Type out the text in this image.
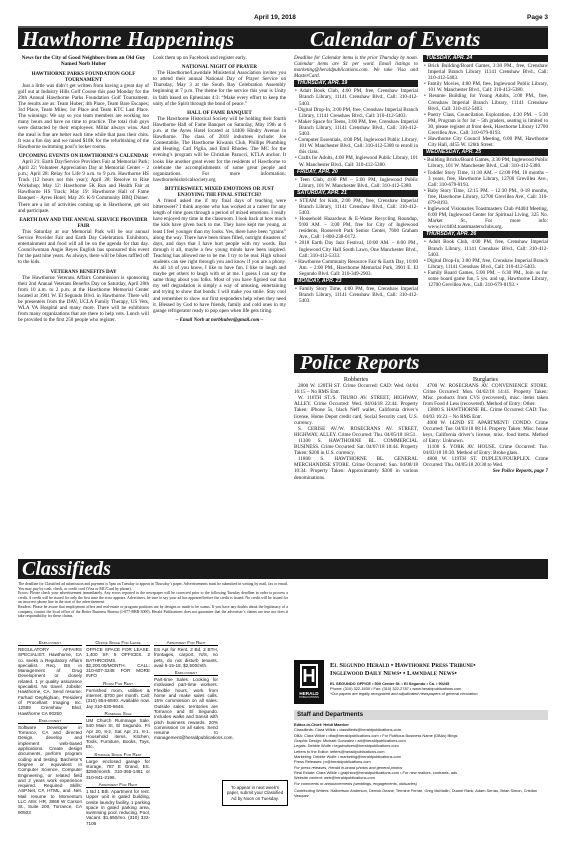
April 19, 2018	Page 3
Hawthorne Happenings	Calendar of Events

News for the City of Good Neighbors from an Old Guy Named Norb Huber

HAWTHORNE PARKS FOUNDATION GOLF TOURNAMENT

Just a little was didn’t get written from having a great day of golf out at Industry Hills Golf Course this past Monday for the 29th Annual Hawthorne Parks Foundation Golf Tournament. The results are as: Team Huber; 4th Place, Team Bare Escapes; 3rd Place, Team Miles; 1st Place and Team KTC Last Place. The winnings: We say so you team members are working too many hours and have no time to practice. The total club guys were distracted by their employees. Millar always wins. And the meal is fine are better each time while that pass their chits. It was a fun day and we raised $10K for the refurbishing of the Hawthorne swimming pool’s locker rooms.

UPCOMING EVENTS ON HAWTHORNE’S CALENDAR

April 21: Earth Day/Service Providers Fair at Memorial Park; April 22: Volunteer Appreciation Day at Memorial Center – 2 p.m.; April 28: Relay for Life 9 a.m. to 9 p.m. Hawthorne HS Track (12 hours not this year); April 28: Resolve to Rise Workshop; May 12: Hawthorne 5K Run and Health Fair at Hawthorne HS Track; May 19: Hawthorne Hall of Fame Banquet – Ayres Hotel; May 26: K-9 Community BBQ Dinner. There are a lot of activities coming up in Hawthorne, get out and participate.

EARTH DAY AND THE ANNUAL SERVICE PROVIDER FAIR

This Saturday at our Memorial Park will be our annual Service Provider Fair and Earth Day Celebration. Exhibitors, entertainment and food will all be on the agenda for that day. Councilwoman Angie Reyes English has sponsored this event for the past nine years. As always, there will be bikes raffled off to the kids.

VETERANS BENEFITS DAY

The Hawthorne Veterans Affairs Commission is sponsoring their 2nd Annual Veterans Benefits Day on Saturday, April 28th from 10 a.m. to 2 p.m. at the Hawthorne Memorial Center located at 3901 W. El Segundo Blvd. in Hawthorne. There will be presenters from the DAV, UCLA Family Therapy, US Vets, WLA VA Hospital and many more. There will be exhibitors from many organizations that are there to help vets. Lunch will be provided to the first 250 people who register.

Look them up on Facebook and register early.

NATIONAL NIGHT OF PRAYER

The Hawthorne/Lawndale Ministerial Association invites you to attend their annual National Day of Prayer Service on Thursday, May 3 at the South Bay Celebration Assembly beginning at 7 p.m. The theme for the service this year is Unity in faith based on Ephesians 4:3: “Make every effort to keep the unity of the Spirit through the bond of peace.”

HALL OF FAME BANQUET

The Hawthorne Historical Society will be holding their fourth Hawthorne Hall of Fame Banquet on Saturday, May 19th at 6 p.m. at the Ayres Hotel located at 14400 Hindry Avenue in Hawthorne. The class of 2018 inductees include: Joe Contestabile, The Hawthorne Kiwanis Club, Phillips Plumbing and Heating, Carl Piglia, and Emil Rhodes. The MC for the evening’s program will be Christian Pazucci, KTLA anchor. It looks like another great event for the residents of Hawthorne to celebrate the accomplishments of some great people and organizations. For more information: hawthornehistoricalsociety.org

BITTERSWEET, MIXED EMOTIONS OR JUST ENJOYING THE FINAL STRETCH?

A friend asked me if my final days of teaching were bittersweet? I think anyone who has worked at a career for any length of time goes through a period of mixed emotions. I really have enjoyed my time in the classroom. I look back at how much the kids have given back to me. They have kept me young, at least I feel younger than my looks. Yes, there have been “grains” along the way. There have been times filled, outright disasters of days, and days that I have hurt people with my words. But through it all, maybe a few young minds have been inspired. Teaching has allowed me to be me. I try to be real. High school students can see right through you and know if you are a phony. As all 14 of you know, I like to have fun. I like to laugh and maybe get others to laugh with or at me. I guess I can say the same thing about you folks. Most of you have figured out that my self degradation is simply a way of amusing, entertaining and trying to show that bonds. I will make you smile. Stay cool and remember to show our first responders help when they need it. Blessed by God to have friends, family and cold ones in my garage refrigerator ready to pop open when life gets tiring.

– Email Norb at norbhuber@gmail.com –

Deadline for Calendar items is the prior Thursday by noon. Calendar items are $1 per word. Email listings to marketing@heraldpublications.com. We take Visa and MasterCard.

THURSDAY, APR. 19

• Adult Book Club, 4:00 PM, free, Crenshaw Imperial Branch Library, 11141 Crenshaw Blvd., Call: 310-412-5403.

• Digital Drop-In, 3:00 PM, free, Crenshaw Imperial Branch Library, 11141 Crenshaw Blvd., Call: 310-412-5403.

• Maker Space for Teens, 3:00 PM, free, Crenshaw Imperial Branch Library, 11141 Crenshaw Blvd., Call: 310-412-5403.

• Computer Essentials, 4:00 PM, Inglewood Public Library, 101 W. Manchester Blvd., Call: 310-412-5380 to enroll in this class.

• Crafts for Adults, 4:00 PM, Inglewood Public Library, 101 W. Manchester Blvd., Call: 310-412-5380.

FRIDAY, APR. 20

• Teen Club, 4:00 PM – 5:00 PM, Inglewood Public Library, 101 W. Manchester Blvd., Call: 310-412-5380.

SATURDAY, APR. 21

• STEAM for Kids, 2:00 PM., free, Crenshaw Imperial Branch Library, 11141 Crenshaw Blvd., Call: 310-412-5403.

• Household Hazardous & E-Waste Recycling Roundup, 9:00 AM. – 3:00 PM, free for City of Inglewood residents, Roosevelt Park Senior Center, 7600 Graham Ave., Call: 1-800-238-0172.

• 2018 Earth Day Jazz Festival, 10:00 AM. – 6:00 PM., Inglewood City Hall South Lawn, One Manchester Blvd., Call: 310-412-5333.

• Hawthorne Community Resource Fair & Earth Day, 10:00 Am. – 2:00 PM., Hawthorne Memorial Park, 3901 E. El Segundo Blvd. Call: 310-349-2903.

MONDAY, APR. 23

• Family Story Time, 4:00 PM, free, Crenshaw Imperial Branch Library, 11141 Crenshaw Blvd., Call: 310-412-5403.

TUESDAY, APR. 24

• Brick Building/Board Games, 3:30 PM., free, Crenshaw Imperial Branch Library 11141 Crenshaw Blvd., Call: 310-412-5403.

• Family Movies, 4:00 PM, free, Inglewood Public Library, 101 W. Manchester Blvd., Call: 310-412-5380.

• Resume Building for Young Adults, 3:00 PM., free, Crenshaw Imperial Branch Library, 11141 Crenshaw Blvd., Call: 310-412-5403.

• Poetry Class, Councilation Exploration, 4:30 PM. – 5:30 PM, Program is for 1st – 5th graders, seating is limited to 30, please register at front desk, Hawthorne Library 12700 Grevillea Ave., Call: 310-679-8193.

• Hawthorne City Council Meeting, 6:00 PM, Hawthorne City Hall, 4455 W. 126th Street.

WEDNESDAY, APR. 25

• Building Bricks/Board Games, 3:30 PM, Inglewood Public Library, 101 W. Manchester Blvd., Call: 310-412-5380.

• Toddler Story Time, 11:30 AM. – 12:00 PM, 18 months – 3 years, free, Hawthorne Library, 12700 Grevillea Ave., Call: 310-679-8193.

• Baby Story Time, 12:15 PM. – 12:30 PM., 0-18 months, free, Hawthorne Library, 12700 Grevillea Ave., Call: 310-679-8193.

• Inglewood Visionaries Toastmasters Club #4404 Meeting, 6:00 PM, Inglewood Center for Spiritual Living, 325 No. Market St., For more info: www.ivc4404.toastmastersclubs.org.

THURSDAY, APR. 26

• Adult Book Club, 4:00 PM, free, Crenshaw Imperial Branch Library, 11141 Crenshaw Blvd., Call: 310-412-5403.

• Digital Drop-In, 3:00 PM, free, Crenshaw Imperial Branch Library, 11141 Crenshaw Blvd., Call: 310-412-5403.

• Family Board Games, 5:00 PM. – 6:30 PM., Join us for some board game fun, 5 yrs. and up, Hawthorne Library, 12700 Grevillea Ave., Call: 310-679-8193. •

Police Reports

Robberies

2800 W. 120TH ST. Crime Occurred: CAD: Wed. 04/04 16:15 – No RMS Entr.

W. 116TH ST./S. TRURO AV. STREET, HIGHWAY, ALLEY. Crime Occurred: Wed. 04/04/18 22:44. Property Taken: iPhone 5s, black Neff wallet, California driver’s license, Home Depot credit card, Social Security card, U.S. currency.

S. CERISE AV./W. ROSECRANS AV. STREET, HIGHWAY, ALLEY. Crime Occurred: Thu. 04/05/18 18:51.

11300 S. HAWTHORNE BL. COMMERCIAL BUSINESS. Crime Occurred: Sat. 04/07/18 18:44. Property Taken: $200 in U.S. currency.

11800 S. HAWTHORNE BL. GENERAL MERCHANDISE STORE. Crime Occurred: Sun. 04/08/18 10:34. Property Taken: Approximately $300 in various denominations.

Burglaries

4700 W. ROSECRANS AV. CONVENIENCE STORE. Crime Occurred: Mon. 04/02/18 14:41. Property Taken: Misc. products from CVS (recovered), misc. items taken from Food 4 Less (recovered). Method of Entry: Other.

13800 S. HAWTHORNE BL. Crime Occurred: CAD: Tue. 04/03 16:23 – No RMS Entr.

4000 W. 142ND ST. APARTMENT/ CONDO. Crime Occurred: Tue. 04/03/18 08:14. Property Taken: Misc. house keys, California driver’s license, misc. food items. Method of Entry: Unknown.

11100 S. YORK AV. HOUSE. Crime Occurred: Tue. 04/03/18 18:30. Method of Entry: Broke glass.

4800 W. 119TH ST. DUPLEX/FOURPLEX. Crime Occurred: Thu. 04/05/18 20:30 to Wed.

See Police Reports, page 7

Classifieds

The deadline for Classified ad submission and payment is 5pm on Tuesday to appear in Thursday’s paper. Advertisements must be submitted in writing by mail, fax or email. You may pay by cash, check, or credit card (Visa or MC/Card by phone).

Errors: Please check your advertisement immediately. Any errors reported to the newspaper will be corrected prior to the following Tuesday deadline in order to process a credit. A credit will be issued for only the first time the error appears. Advertisers, be sure to say your ad has appeared before the credit is issued. No credit will be issued for an incorrect phone line in the start of the advertisement.

Readers: Please be aware that employment offers and real-estate or program positions are by designs or made to be scams. If you have any doubts about the legitimacy of a company, contact the local office of the Better Business Bureau (1-877-BBB-3000). Herald Publications does not guarantee that the advertiser’s claims are true nor does it take responsibility for these claims.

Employment

REGULATORY AFFAIRS SPECIALIST. Hawthorne, CA co. seeks a Regulatory Affairs specialist. Req. BS in Management of Drug Development or closely related. 1 yr quality assurance specialist. No travel. Jobsite: Hawthorne, CA. Send resume: Farhad Deghighian, President of Procellant Imaging Inc. 12589 Crenshaw Blvd, Hawthorne CA 90250

Employment

Software Developer in Torrance, CA and directed Design, develop and implement web-based applications. Create design documents, perform program coding and testing. Bachelor’s Degree or equivalent in Computer Science, Computer Engineering, or related field and 2 years work experience required. Required Skills: ASP.Net, C#, HTML, and .Net. Mail resume to Momentum LLC Attn: HR, 3868 W Carson St., Suite 200, Torrance, CA 90503

Office Space For Lease

OFFICE SPACE FOR LEASE. 1,400 SF. 5 OFFICES. 2 BATHROOMS. $2,200.00/MONTH. CALL: 310-607-3248 FOR MORE INFO

Room For Rent

Furnished room, utilities & internet, $700 per month. Call: (310) 654-6840. Available now. Jay 310-530-5646.

Rummage Sale

UM Church Rummage Sale. 540 Main St, El Segundo. Fri Apr 20, 8-2, Sat Apr 21, 8-1. Household items, Kitchen, Tools, Furniture, Books, Toys, Etc.

Storage Space For Rent

Large enclosed garage for storage, 787 E Grand, ES. $250/month. 310-365-1481 or 310-841-2196.

Apartment For Rent

1 Bd 1 Bth. Apartment for rent. Upper unit in gated building, onsite laundry facility, 1 parking space in gated parking area, swimming pool, reducing. Pool, Vacant. $1,650/mo. (310) 322-7106

Apartment For Rent

ES Apt for Rent. 2 Bd, 2 BTH, frontages, carport, N/S, no pets, do not disturb tenants, avail 5-15-18, $2,500/mth.

Employment

Part-time Sales. Looking for motivated part-time workers. Flexible hours, work from home and make sales calls. 15% commission on all sales. Outside sales: territories are Torrance and El Segundo. Includes walks and transit with pitch business rewards. 20% commission on all sales. Send resume to management@heraldpublications.com.

To appear in next week’s paper, submit your Classified Ad by Noon on Tuesday.
H
HERALD
PUBLICATIONS
El Segundo Herald • Hawthorne Press Tribune•
Inglewood Daily News• • Lawndale News•
EL SEGUNDO OFFICE • 500 Center St. • El Segundo • Ca. • 90245
Phone: (310) 322-1830 • Fax: (310) 322-2787 • www.heraldpublications.com
*Our papers are legally recognized and adjudicated newspapers of general circulation
Staff and Departments
Editor-In-Chief: Heidi Maerker
Classifieds: Clara Wilkie • classifieds@heraldpublications.com
DBA: Clara Wilkie • dba@heraldpublications.com • For Fictitious Business Name (DBAs) filings
Graphic Design: Michael Gonzalez • art@heraldpublications.com
Legals: Debbie Wolfe • legalnotices@heraldpublications.com
Letters to the Editor: letters@heraldpublications.com
Marketing: Debbie Wolfe • marketing@heraldpublications.com
Press Releases: pr@heraldpublications.com
For press releases, Herald in-brand photos and general photos
Real Estate: Clara Wilkie • graphics@heraldpublications.com • For new realtors, contracts, ads
Website content: web@heraldpublications.com
For comments or announcements (weddings, engagements, obituaries)
Contributing Writers: Halbertson Anderson, Derrick Deane, Termine Ferrari, Greg McMallin, Duane Rank, Adam Serrao, Brian Simon, Cristian Vasquez
